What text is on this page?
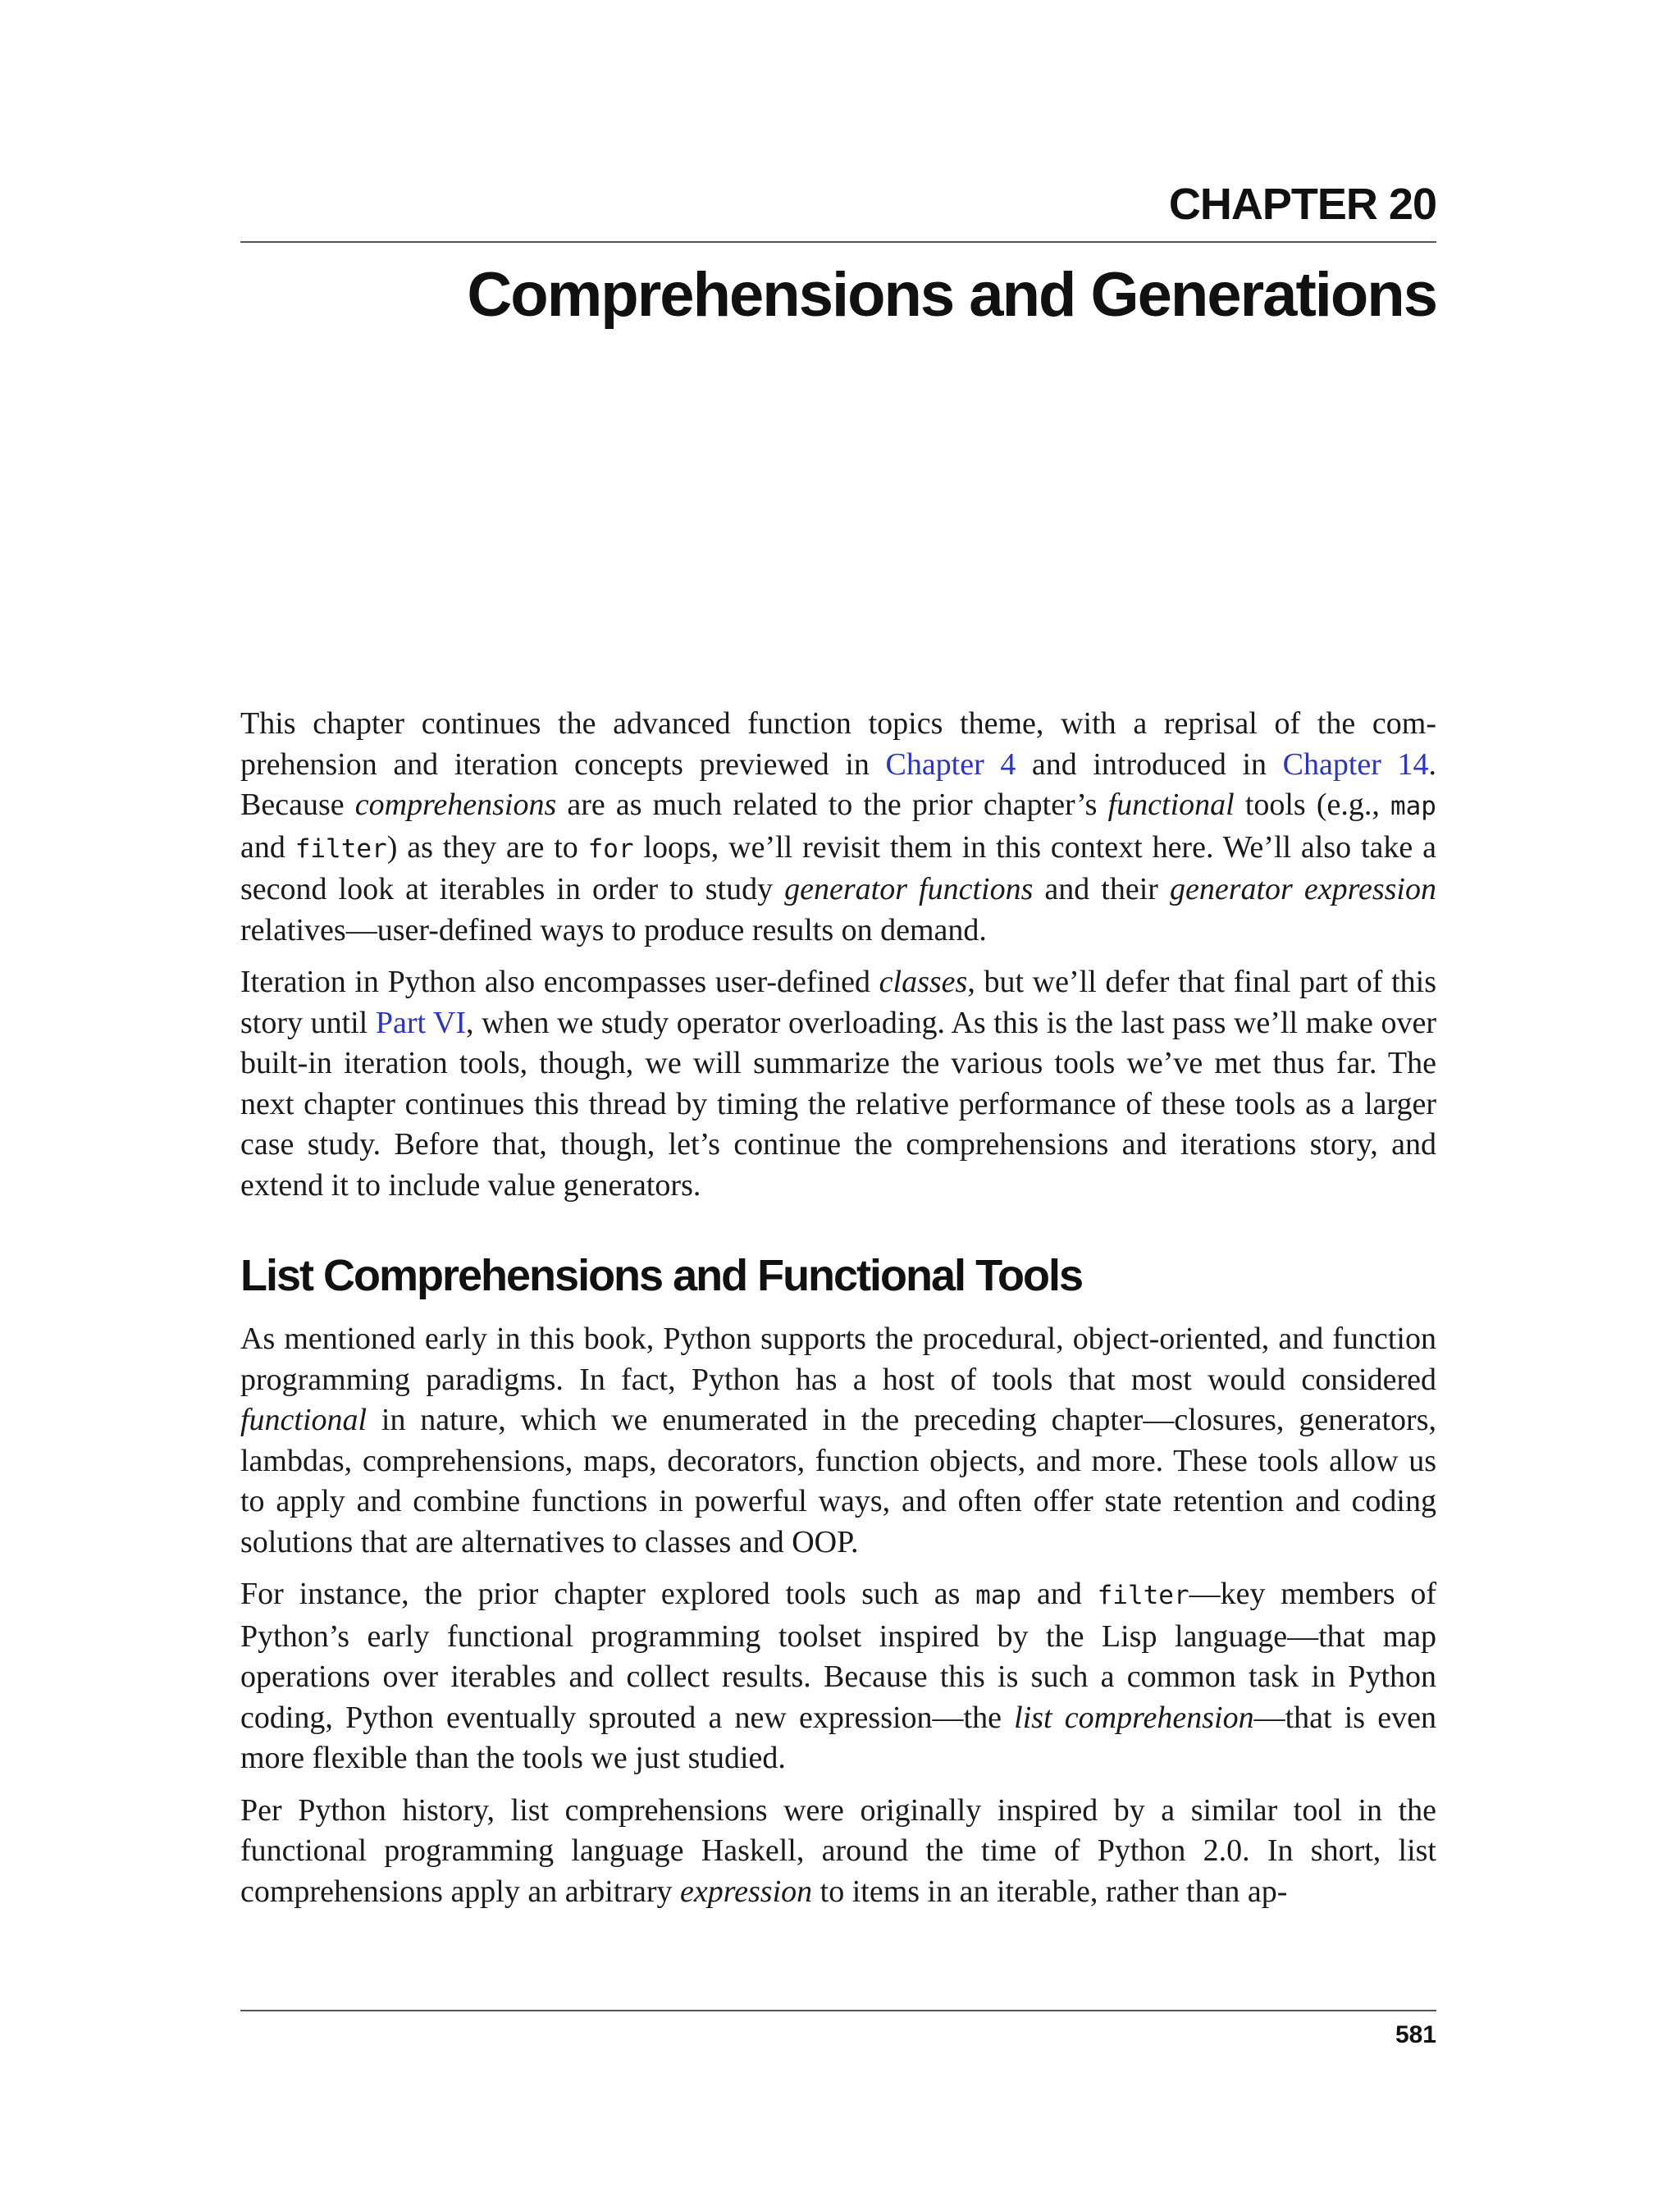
CHAPTER 20
Comprehensions and Generations

This chapter continues the advanced function topics theme, with a reprisal of the comprehension and iteration concepts previewed in Chapter 4 and introduced in Chapter 14. Because comprehensions are as much related to the prior chapter’s functional tools (e.g., map and filter) as they are to for loops, we’ll revisit them in this context here. We’ll also take a second look at iterables in order to study generator functions and their generator expression relatives—user-defined ways to produce results on demand.

Iteration in Python also encompasses user-defined classes, but we’ll defer that final part of this story until Part VI, when we study operator overloading. As this is the last pass we’ll make over built-in iteration tools, though, we will summarize the various tools we’ve met thus far. The next chapter continues this thread by timing the relative performance of these tools as a larger case study. Before that, though, let’s continue the comprehensions and iterations story, and extend it to include value generators.

List Comprehensions and Functional Tools

As mentioned early in this book, Python supports the procedural, object-oriented, and function programming paradigms. In fact, Python has a host of tools that most would considered functional in nature, which we enumerated in the preceding chapter—closures, generators, lambdas, comprehensions, maps, decorators, function objects, and more. These tools allow us to apply and combine functions in powerful ways, and often offer state retention and coding solutions that are alternatives to classes and OOP.

For instance, the prior chapter explored tools such as map and filter—key members of Python’s early functional programming toolset inspired by the Lisp language—that map operations over iterables and collect results. Because this is such a common task in Python coding, Python eventually sprouted a new expression—the list comprehension—that is even more flexible than the tools we just studied.

Per Python history, list comprehensions were originally inspired by a similar tool in the functional programming language Haskell, around the time of Python 2.0. In short, list comprehensions apply an arbitrary expression to items in an iterable, rather than ap-

581
